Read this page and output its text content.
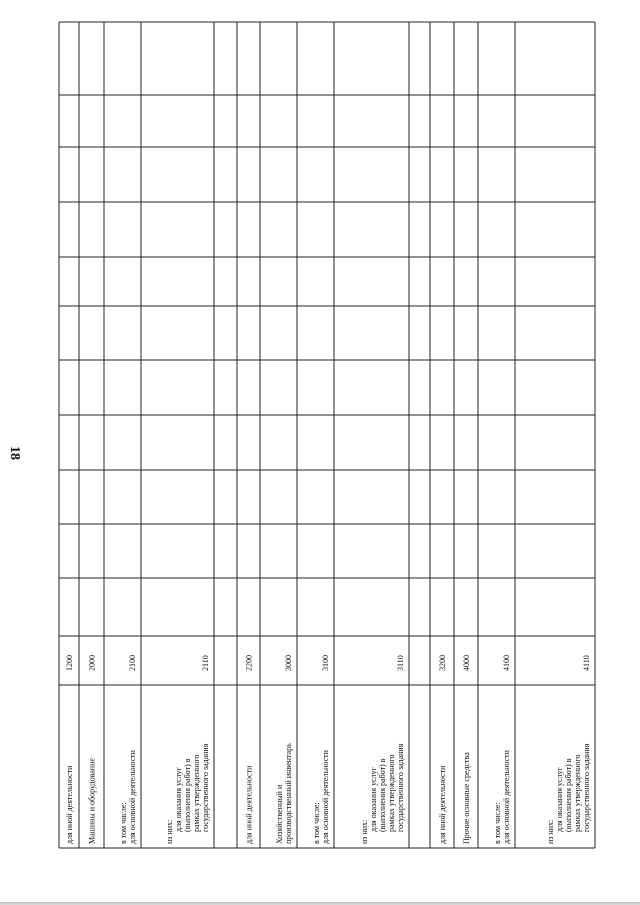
18
для иной деятельности
1200
Машины и оборудование
2000
в том числе: для основной деятельности
2100
из них: для оказания услуг (выполнения работ) в рамках утвержденного государственного задания
2110
для иной деятельности
2200
Хозяйственный и производственный инвентарь
3000
в том числе: для основной деятельности
3100
из них: для оказания услуг (выполнения работ) в рамках утвержденного государственного задания
3110
для иной деятельности
3200
Прочие основные средства
4000
в том числе: для основной деятельности
4100
из них: для оказания услуг (выполнения работ) в рамках утвержденного государственного задания
4110
